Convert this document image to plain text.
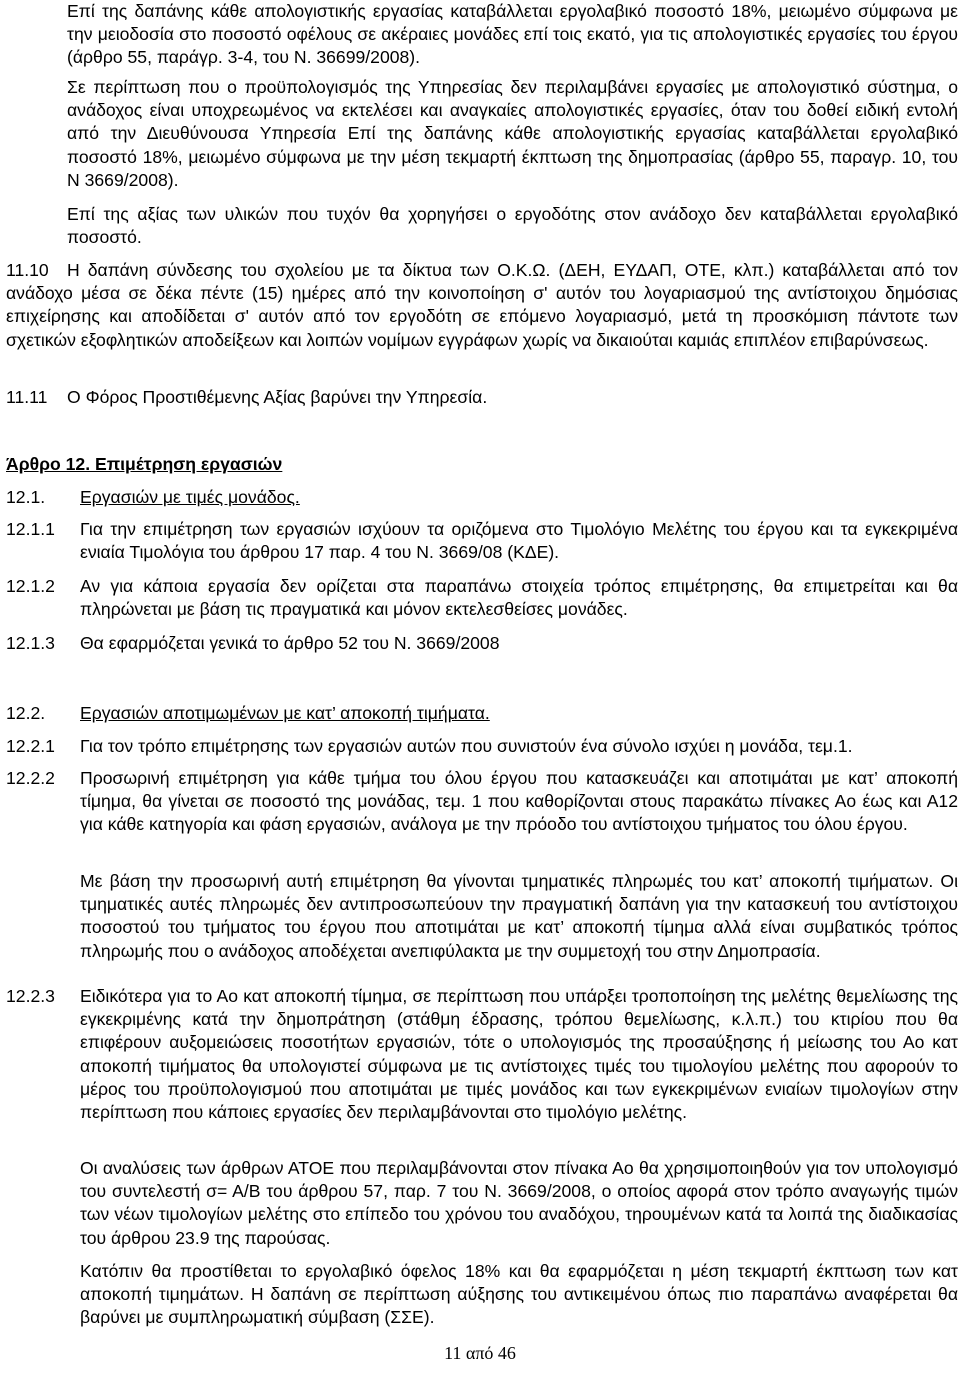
Επί της δαπάνης κάθε απολογιστικής εργασίας καταβάλλεται εργολαβικό ποσοστό 18%, μειωμένο σύμφωνα με την μειοδοσία στο ποσοστό οφέλους σε ακέραιες μονάδες επί τοις εκατό, για τις απολογιστικές εργασίες του έργου (άρθρο 55, παράγρ. 3-4, του Ν. 36699/2008).

Σε περίπτωση που ο προϋπολογισμός της Υπηρεσίας δεν περιλαμβάνει εργασίες με απολογιστικό σύστημα, ο ανάδοχος είναι υποχρεωμένος να εκτελέσει και αναγκαίες απολογιστικές εργασίες, όταν του δοθεί ειδική εντολή από την Διευθύνουσα Υπηρεσία Επί της δαπάνης κάθε απολογιστικής εργασίας καταβάλλεται εργολαβικό ποσοστό 18%, μειωμένο σύμφωνα με την μέση τεκμαρτή έκπτωση της δημοπρασίας (άρθρο 55, παραγρ. 10, του Ν 3669/2008).

Επί της αξίας των υλικών που τυχόν θα χορηγήσει ο εργοδότης στον ανάδοχο δεν καταβάλλεται εργολαβικό ποσοστό.

11.10	Η δαπάνη σύνδεσης του σχολείου με τα δίκτυα των Ο.Κ.Ω. (ΔΕΗ, ΕΥΔΑΠ, ΟΤΕ, κλπ.) καταβάλλεται από τον ανάδοχο μέσα σε δέκα πέντε (15) ημέρες από την κοινοποίηση σ' αυτόν του λογαριασμού της αντίστοιχου δημόσιας επιχείρησης και αποδίδεται σ' αυτόν από τον εργοδότη σε επόμενο λογαριασμό, μετά τη προσκόμιση πάντοτε των σχετικών εξοφλητικών αποδείξεων και λοιπών νομίμων εγγράφων χωρίς να δικαιούται καμιάς επιπλέον επιβαρύνσεως.

11.11 Ο Φόρος Προστιθέμενης Αξίας βαρύνει την Υπηρεσία.

Άρθρο 12. Επιμέτρηση εργασιών

12.1. Εργασιών με τιμές μονάδος.

12.1.1 Για την επιμέτρηση των εργασιών ισχύουν τα οριζόμενα στο Τιμολόγιο Μελέτης του έργου και τα εγκεκριμένα ενιαία Τιμολόγια του άρθρου 17 παρ. 4 του Ν. 3669/08 (ΚΔΕ).

12.1.2 Αν για κάποια εργασία δεν ορίζεται στα παραπάνω στοιχεία τρόπος επιμέτρησης, θα επιμετρείται και θα πληρώνεται με βάση τις πραγματικά και μόνον εκτελεσθείσες μονάδες.

12.1.3 Θα εφαρμόζεται γενικά το άρθρο 52 του Ν. 3669/2008

12.2. Εργασιών αποτιμωμένων με κατ’ αποκοπή τιμήματα.

12.2.1 Για τον τρόπο επιμέτρησης των εργασιών αυτών που συνιστούν ένα σύνολο ισχύει η μονάδα, τεμ.1.

12.2.2 Προσωρινή επιμέτρηση για κάθε τμήμα του όλου έργου που κατασκευάζει και αποτιμάται με κατ’ αποκοπή τίμημα, θα γίνεται σε ποσοστό της μονάδας, τεμ. 1 που καθορίζονται στους παρακάτω πίνακες Αο έως και Α12 για κάθε κατηγορία και φάση εργασιών, ανάλογα με την πρόοδο του αντίστοιχου τμήματος του όλου έργου.

Με βάση την προσωρινή αυτή επιμέτρηση θα γίνονται τμηματικές πληρωμές του κατ’ αποκοπή τιμήματων. Οι τμηματικές αυτές πληρωμές δεν αντιπροσωπεύουν την πραγματική δαπάνη για την κατασκευή του αντίστοιχου ποσοστού του τμήματος του έργου που αποτιμάται με κατ’ αποκοπή τίμημα αλλά είναι συμβατικός τρόπος πληρωμής που ο ανάδοχος αποδέχεται ανεπιφύλακτα με την συμμετοχή του στην Δημοπρασία.

12.2.3 Ειδικότερα για το Αο κατ αποκοπή τίμημα, σε περίπτωση που υπάρξει τροποποίηση της μελέτης θεμελίωσης της εγκεκριμένης κατά την δημοπράτηση (στάθμη έδρασης, τρόπου θεμελίωσης, κ.λ.π.) του κτιρίου που θα επιφέρουν αυξομειώσεις ποσοτήτων εργασιών, τότε ο υπολογισμός της προσαύξησης ή μείωσης του Αο κατ αποκοπή τιμήματος θα υπολογιστεί σύμφωνα με τις αντίστοιχες τιμές του τιμολογίου μελέτης που αφορούν το μέρος του προϋπολογισμού που αποτιμάται με τιμές μονάδος και των εγκεκριμένων ενιαίων τιμολογίων στην περίπτωση που κάποιες εργασίες δεν περιλαμβάνονται στο τιμολόγιο μελέτης.

Οι αναλύσεις των άρθρων ΑΤΟΕ που περιλαμβάνονται στον πίνακα Αο θα χρησιμοποιηθούν για τον υπολογισμό του συντελεστή σ= Α/Β του άρθρου 57, παρ. 7 του Ν. 3669/2008, ο οποίος αφορά στον τρόπο αναγωγής τιμών των νέων τιμολογίων μελέτης στο επίπεδο του χρόνου του αναδόχου, τηρουμένων κατά τα λοιπά της διαδικασίας του άρθρου 23.9 της παρούσας.

Κατόπιν θα προστίθεται το εργολαβικό όφελος 18% και θα εφαρμόζεται η μέση τεκμαρτή έκπτωση των κατ αποκοπή τιμημάτων. Η δαπάνη σε περίπτωση αύξησης του αντικειμένου όπως πιο παραπάνω αναφέρεται θα βαρύνει με συμπληρωματική σύμβαση (ΣΣΕ).

11 από 46
